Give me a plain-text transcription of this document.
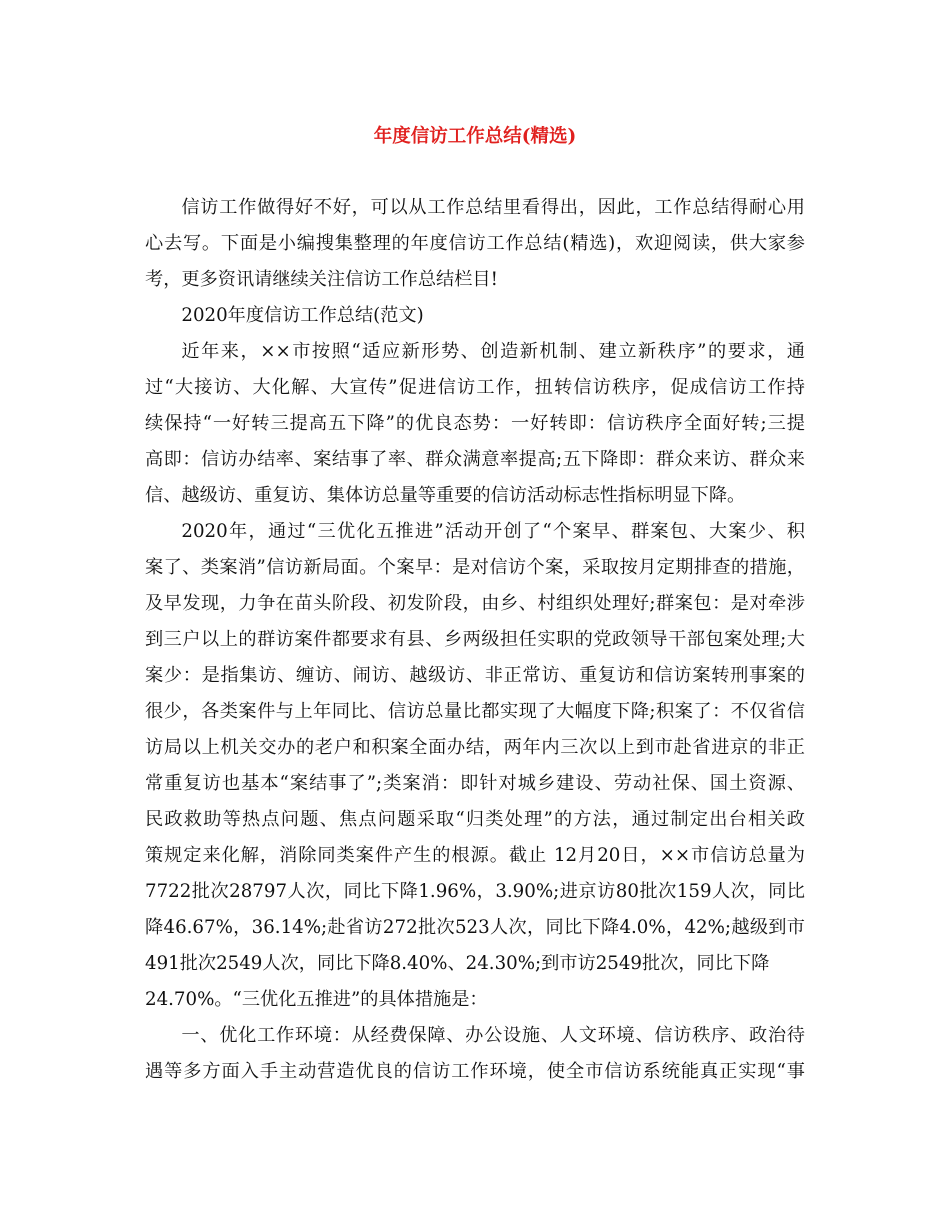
年度信访工作总结(精选)
信访工作做得好不好，可以从工作总结里看得出，因此，工作总结得耐心用
心去写。下面是小编搜集整理的年度信访工作总结(精选)，欢迎阅读，供大家参
考，更多资讯请继续关注信访工作总结栏目!
2020年度信访工作总结(范文)
近年来，××市按照“适应新形势、创造新机制、建立新秩序”的要求，通
过“大接访、大化解、大宣传”促进信访工作，扭转信访秩序，促成信访工作持
续保持“一好转三提高五下降”的优良态势：一好转即：信访秩序全面好转;三提
高即：信访办结率、案结事了率、群众满意率提高;五下降即：群众来访、群众来
信、越级访、重复访、集体访总量等重要的信访活动标志性指标明显下降。
2020年，通过“三优化五推进”活动开创了“个案早、群案包、大案少、积
案了、类案消”信访新局面。个案早：是对信访个案，采取按月定期排查的措施，
及早发现，力争在苗头阶段、初发阶段，由乡、村组织处理好;群案包：是对牵涉
到三户以上的群访案件都要求有县、乡两级担任实职的党政领导干部包案处理;大
案少：是指集访、缠访、闹访、越级访、非正常访、重复访和信访案转刑事案的
很少，各类案件与上年同比、信访总量比都实现了大幅度下降;积案了：不仅省信
访局以上机关交办的老户和积案全面办结，两年内三次以上到市赴省进京的非正
常重复访也基本“案结事了”;类案消：即针对城乡建设、劳动社保、国土资源、
民政救助等热点问题、焦点问题采取“归类处理”的方法，通过制定出台相关政
策规定来化解，消除同类案件产生的根源。截止 12月20日，××市信访总量为
7722批次28797人次，同比下降1.96%，3.90%;进京访80批次159人次，同比
降46.67%，36.14%;赴省访272批次523人次，同比下降4.0%，42%;越级到市
491批次2549人次，同比下降8.40%、24.30%;到市访2549批次，同比下降
24.70%。“三优化五推进”的具体措施是：
一、优化工作环境：从经费保障、办公设施、人文环境、信访秩序、政治待
遇等多方面入手主动营造优良的信访工作环境，使全市信访系统能真正实现“事
